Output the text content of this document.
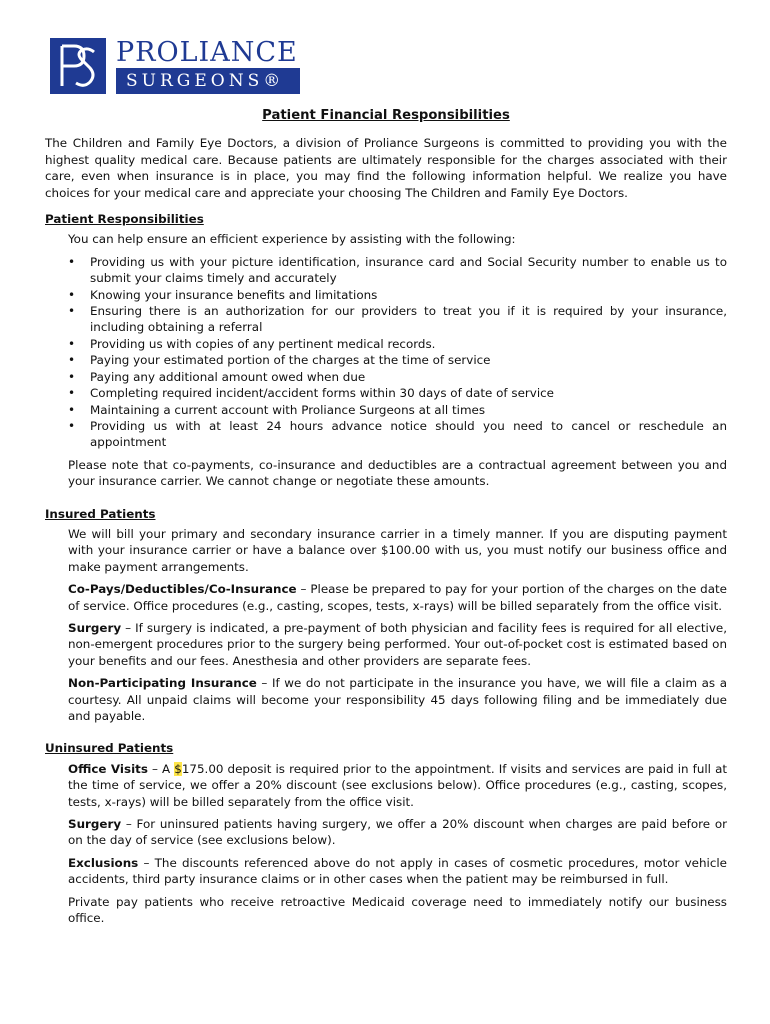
PROLIANCE
SURGEONS®
Patient Financial Responsibilities

The Children and Family Eye Doctors, a division of Proliance Surgeons is committed to providing you with the highest quality medical care. Because patients are ultimately responsible for the charges associated with their care, even when insurance is in place, you may find the following information helpful. We realize you have choices for your medical care and appreciate your choosing The Children and Family Eye Doctors.

Patient Responsibilities

You can help ensure an efficient experience by assisting with the following:

• Providing us with your picture identification, insurance card and Social Security number to enable us to submit your claims timely and accurately
• Knowing your insurance benefits and limitations
• Ensuring there is an authorization for our providers to treat you if it is required by your insurance, including obtaining a referral
• Providing us with copies of any pertinent medical records.
• Paying your estimated portion of the charges at the time of service
• Paying any additional amount owed when due
• Completing required incident/accident forms within 30 days of date of service
• Maintaining a current account with Proliance Surgeons at all times
• Providing us with at least 24 hours advance notice should you need to cancel or reschedule an appointment

Please note that co-payments, co-insurance and deductibles are a contractual agreement between you and your insurance carrier. We cannot change or negotiate these amounts.

Insured Patients

We will bill your primary and secondary insurance carrier in a timely manner. If you are disputing payment with your insurance carrier or have a balance over $100.00 with us, you must notify our business office and make payment arrangements.

Co-Pays/Deductibles/Co-Insurance – Please be prepared to pay for your portion of the charges on the date of service. Office procedures (e.g., casting, scopes, tests, x-rays) will be billed separately from the office visit.

Surgery – If surgery is indicated, a pre-payment of both physician and facility fees is required for all elective, non-emergent procedures prior to the surgery being performed. Your out-of-pocket cost is estimated based on your benefits and our fees. Anesthesia and other providers are separate fees.

Non-Participating Insurance – If we do not participate in the insurance you have, we will file a claim as a courtesy. All unpaid claims will become your responsibility 45 days following filing and be immediately due and payable.

Uninsured Patients

Office Visits – A $175.00 deposit is required prior to the appointment. If visits and services are paid in full at the time of service, we offer a 20% discount (see exclusions below). Office procedures (e.g., casting, scopes, tests, x-rays) will be billed separately from the office visit.

Surgery – For uninsured patients having surgery, we offer a 20% discount when charges are paid before or on the day of service (see exclusions below).

Exclusions – The discounts referenced above do not apply in cases of cosmetic procedures, motor vehicle accidents, third party insurance claims or in other cases when the patient may be reimbursed in full.

Private pay patients who receive retroactive Medicaid coverage need to immediately notify our business office.
